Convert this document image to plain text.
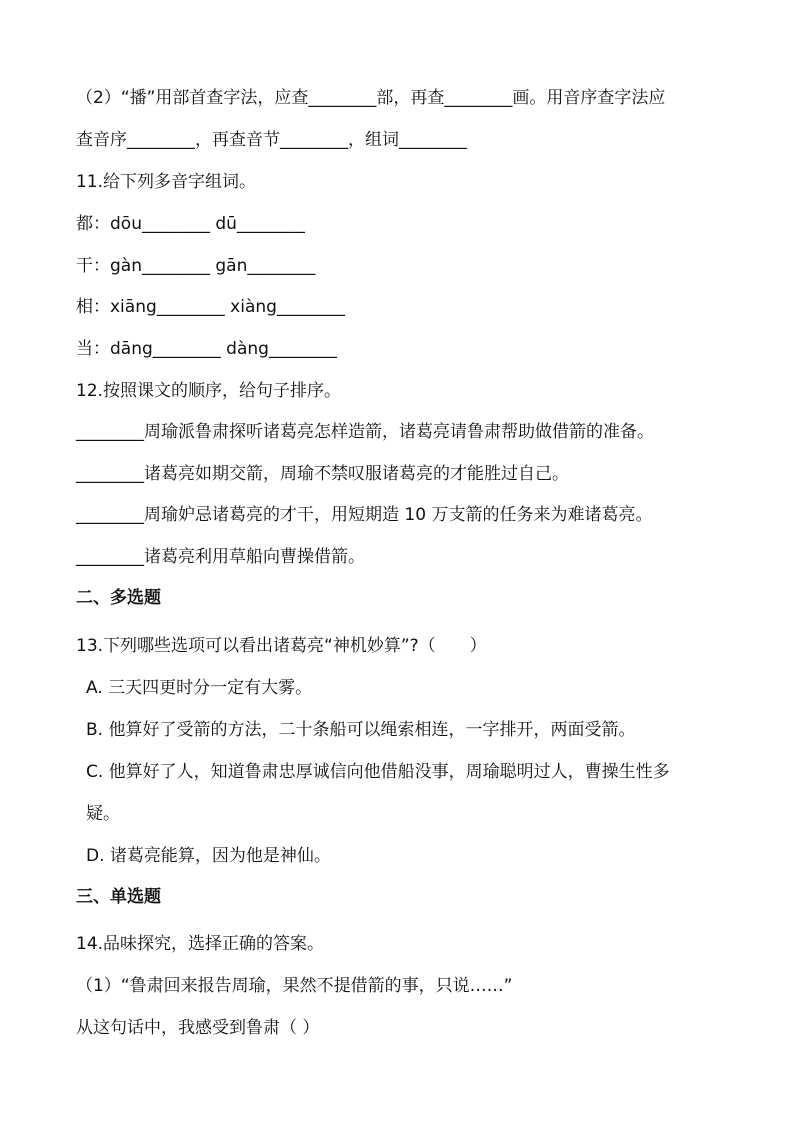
（2）“播”用部首查字法，应查________部，再查________画。用音序查字法应
查音序________，再查音节________，组词________
11.给下列多音字组词。
都：dōu________ dū________
干：gàn________ gān________
相：xiāng________ xiàng________
当：dāng________ dàng________
12.按照课文的顺序，给句子排序。
________周瑜派鲁肃探听诸葛亮怎样造箭，诸葛亮请鲁肃帮助做借箭的准备。
________诸葛亮如期交箭，周瑜不禁叹服诸葛亮的才能胜过自己。
________周瑜妒忌诸葛亮的才干，用短期造 10 万支箭的任务来为难诸葛亮。
________诸葛亮利用草船向曹操借箭。
二、多选题
13.下列哪些选项可以看出诸葛亮“神机妙算”?（　　）
A. 三天四更时分一定有大雾。
B. 他算好了受箭的方法，二十条船可以绳索相连，一字排开，两面受箭。
C. 他算好了人，知道鲁肃忠厚诚信向他借船没事，周瑜聪明过人，曹操生性多
疑。
D. 诸葛亮能算，因为他是神仙。
三、单选题
14.品味探究，选择正确的答案。
（1）“鲁肃回来报告周瑜，果然不提借箭的事，只说……”
从这句话中，我感受到鲁肃（ ）
